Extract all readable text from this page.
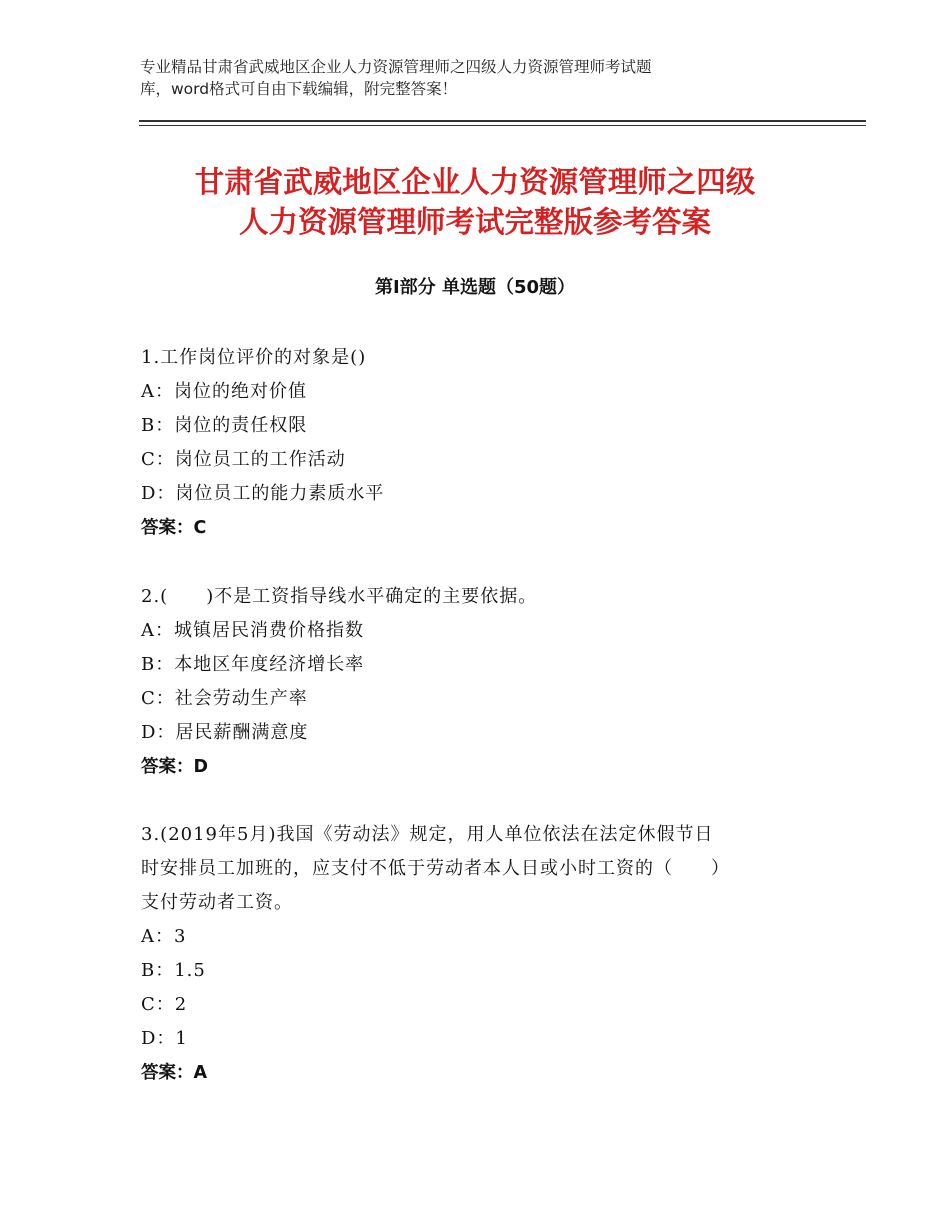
专业精品甘肃省武威地区企业人力资源管理师之四级人力资源管理师考试题
库，word格式可自由下载编辑，附完整答案！
甘肃省武威地区企业人力资源管理师之四级
人力资源管理师考试完整版参考答案
第Ⅰ部分 单选题（50题）

1.工作岗位评价的对象是()

A：岗位的绝对价值

B：岗位的责任权限

C：岗位员工的工作活动

D：岗位员工的能力素质水平

答案：C

2.(　　)不是工资指导线水平确定的主要依据。

A：城镇居民消费价格指数

B：本地区年度经济增长率

C：社会劳动生产率

D：居民薪酬满意度

答案：D

3.(2019年5月)我国《劳动法》规定，用人单位依法在法定休假节日

时安排员工加班的，应支付不低于劳动者本人日或小时工资的（　　）

支付劳动者工资。

A：3

B：1.5

C：2

D：1

答案：A
